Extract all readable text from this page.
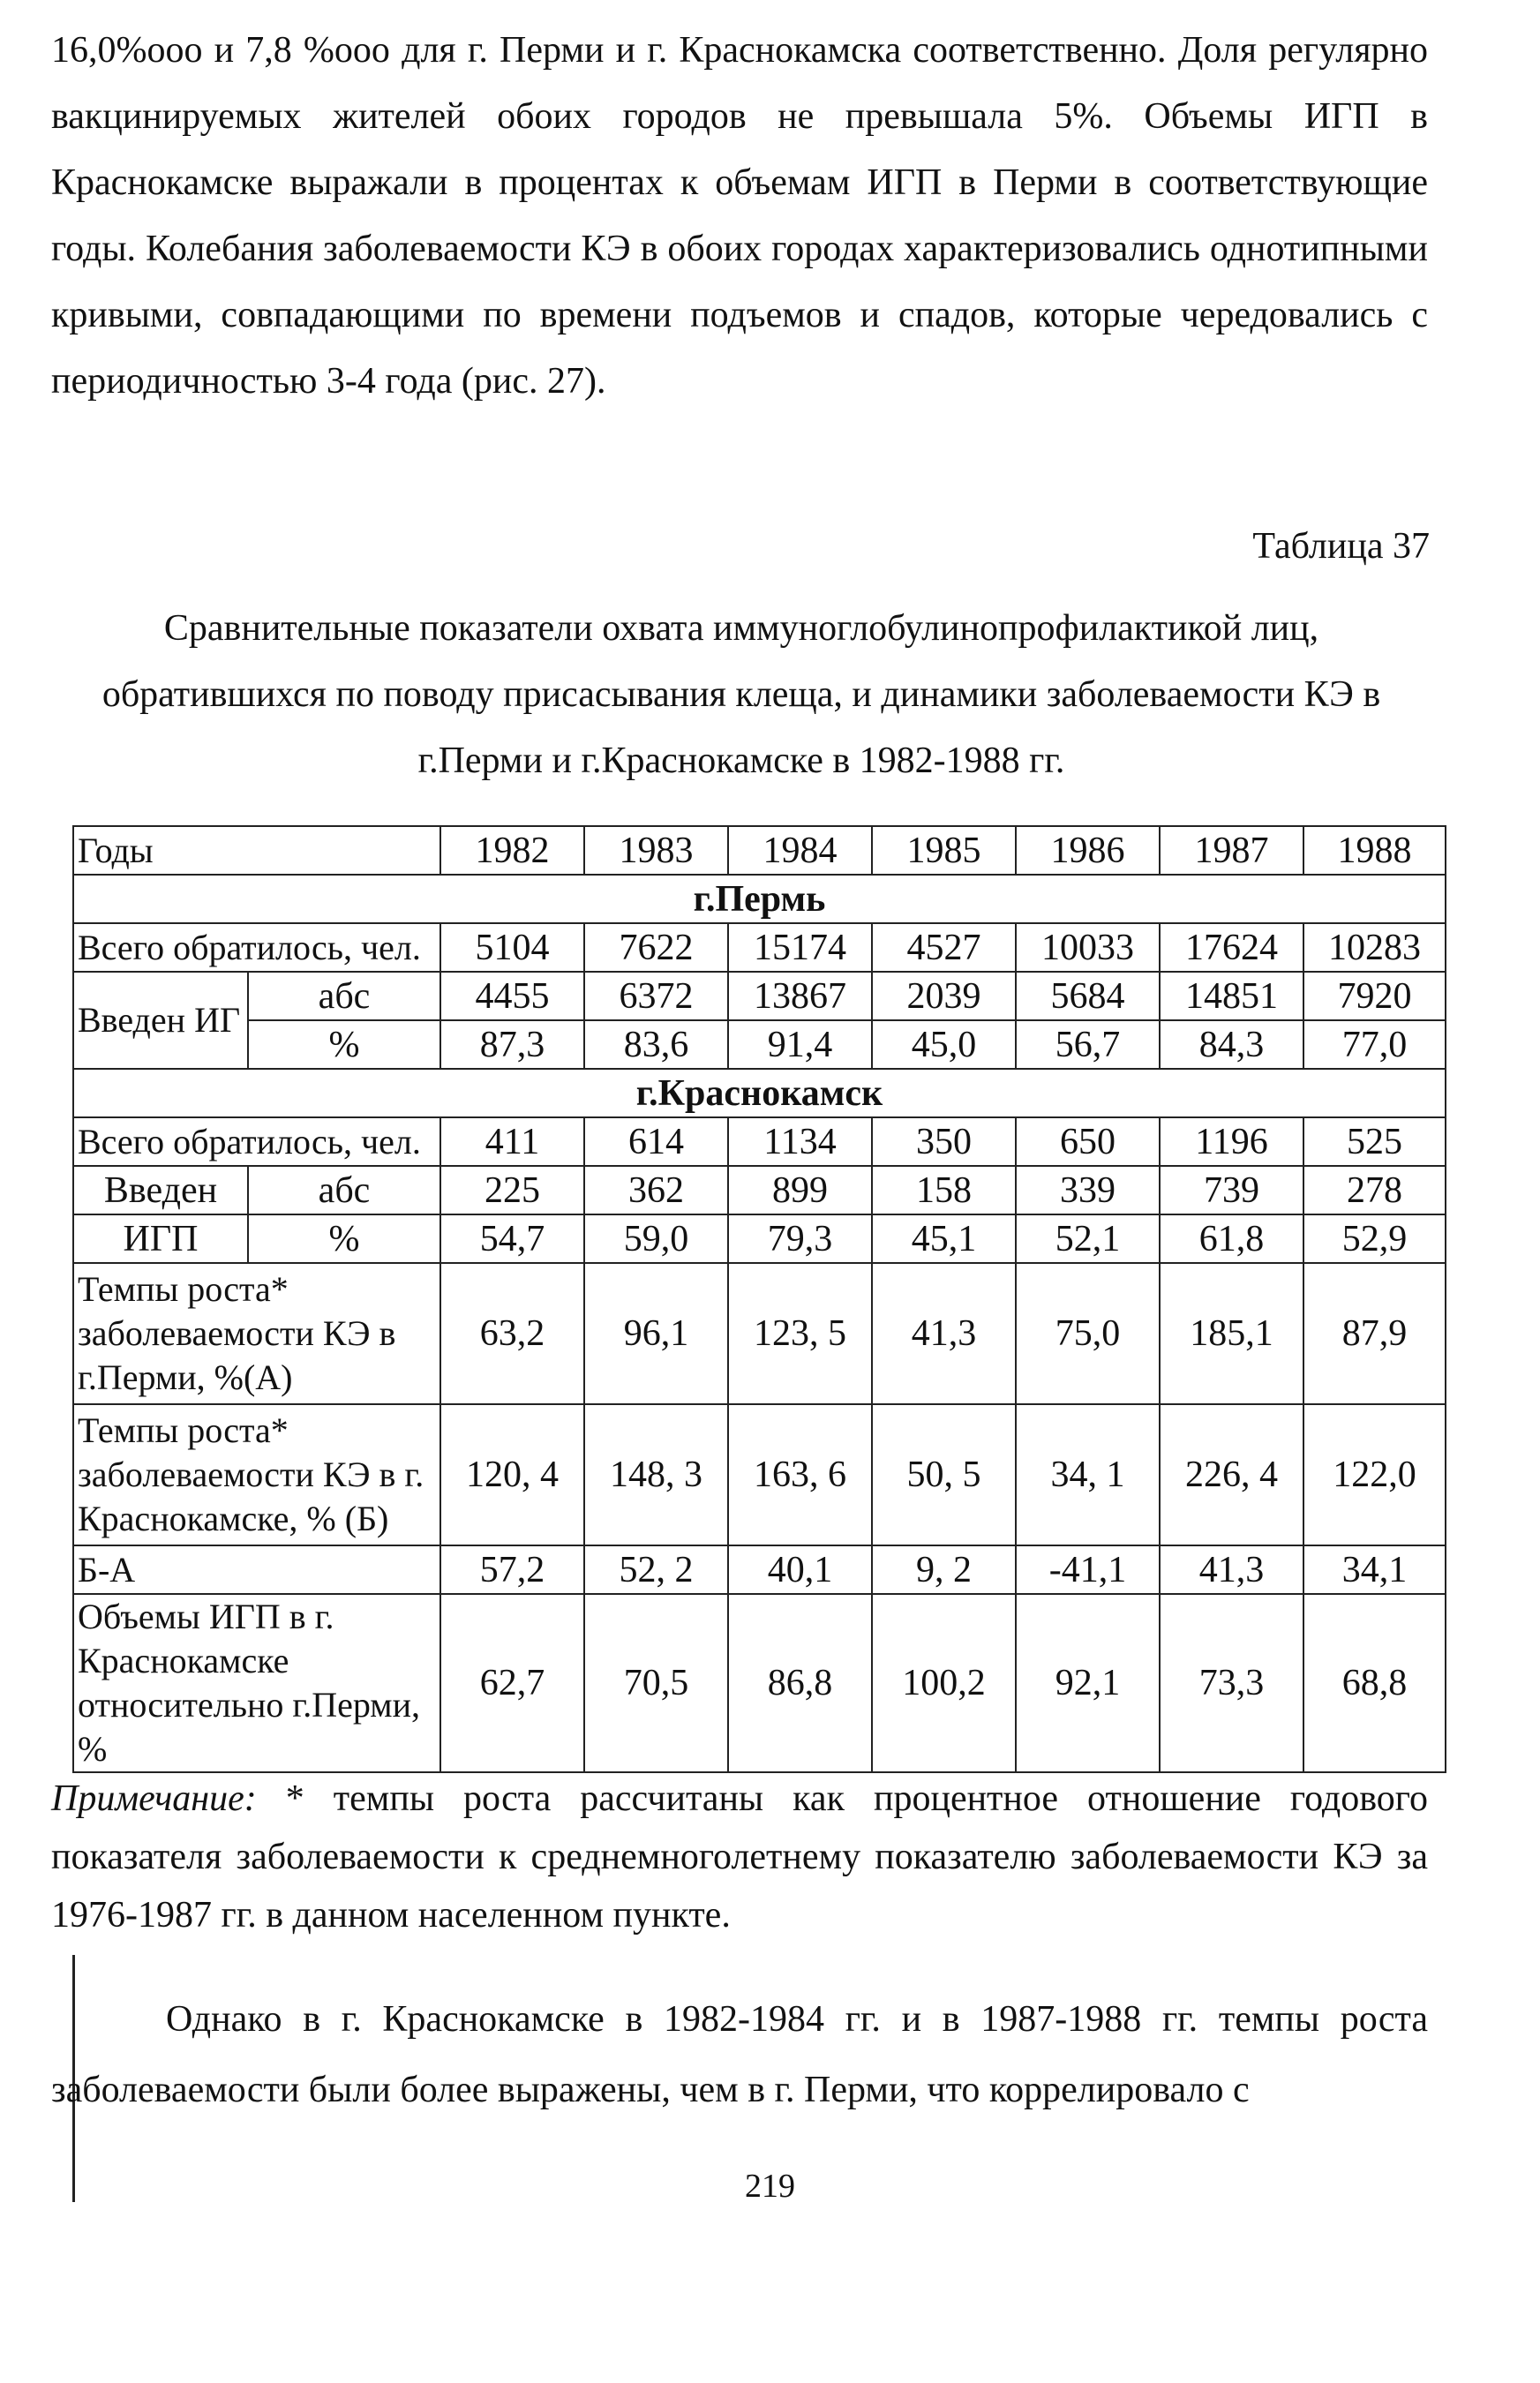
16,0%ooo и 7,8 %ooo для г. Перми и г. Краснокамска соответственно. Доля регулярно вакцинируемых жителей обоих городов не превышала 5%. Объемы ИГП в Краснокамске выражали в процентах к объемам ИГП в Перми в соответствующие годы. Колебания заболеваемости КЭ в обоих городах характеризовались однотипными кривыми, совпадающими по времени подъемов и спадов, которые чередовались с периодичностью 3-4 года (рис. 27).
Таблица 37
Сравнительные показатели охвата иммуноглобулинопрофилактикой лиц, обратившихся по поводу присасывания клеща, и динамики заболеваемости КЭ в г.Перми и г.Краснокамске в 1982-1988 гг.
Годы		1982	1983	1984	1985	1986	1987	1988
г.Пермь								
Всего обратилось, чел.		5104	7622	15174	4527	10033	17624	10283
Введен ИГ	абс	4455	6372	13867	2039	5684	14851	7920
	%	87,3	83,6	91,4	45,0	56,7	84,3	77,0
г.Краснокамск								
Всего обратилось, чел.		411	614	1134	350	650	1196	525
Введен	абс	225	362	899	158	339	739	278
ИГП	%	54,7	59,0	79,3	45,1	52,1	61,8	52,9
Темпы роста* заболеваемости КЭ в г.Перми, %(А)		63,2	96,1	123, 5	41,3	75,0	185,1	87,9
Темпы роста* заболеваемости КЭ в г. Краснокамске, % (Б)		120, 4	148, 3	163, 6	50, 5	34, 1	226, 4	122,0
Б-А		57,2	52, 2	40,1	9, 2	-41,1	41,3	34,1
Объемы ИГП в г. Краснокамске относительно г.Перми, %		62,7	70,5	86,8	100,2	92,1	73,3	68,8
Примечание: * темпы роста рассчитаны как процентное отношение годового показателя заболеваемости к среднемноголетнему показателю заболеваемости КЭ за 1976-1987 гг. в данном населенном пункте.
Однако в г. Краснокамске в 1982-1984 гг. и в 1987-1988 гг. темпы роста заболеваемости были более выражены, чем в г. Перми, что коррелировало с
219
